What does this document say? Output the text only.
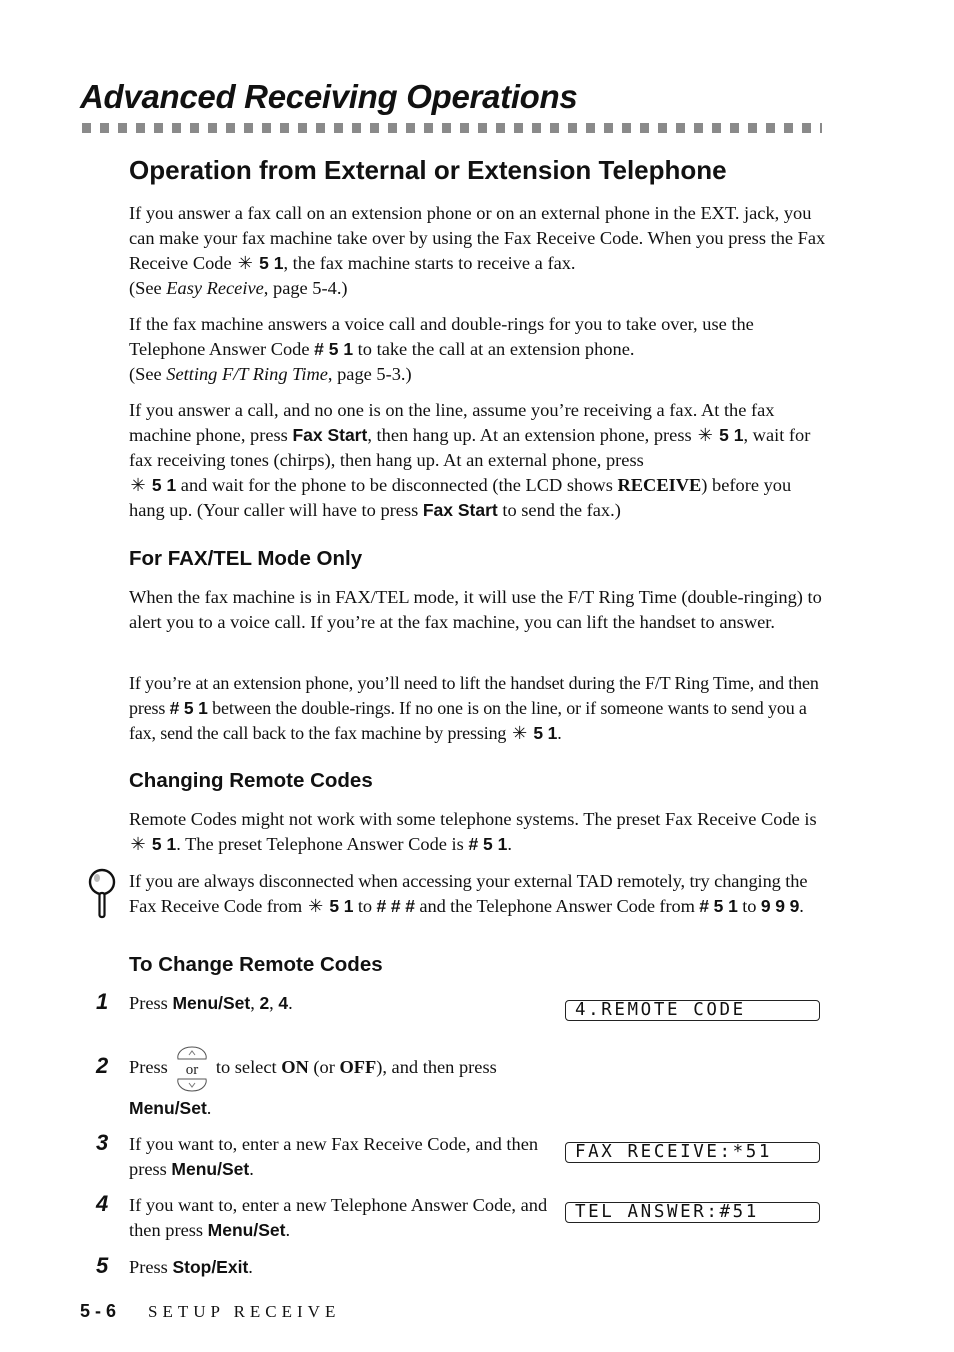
Advanced Receiving Operations
Operation from External or Extension Telephone

If you answer a fax call on an extension phone or on an external phone in the EXT. jack, you can make your fax machine take over by using the Fax Receive Code. When you press the Fax Receive Code ✳ 5 1, the fax machine starts to receive a fax.
(See Easy Receive, page 5-4.)

If the fax machine answers a voice call and double-rings for you to take over, use the Telephone Answer Code # 5 1 to take the call at an extension phone.
(See Setting F/T Ring Time, page 5-3.)

If you answer a call, and no one is on the line, assume you’re receiving a fax. At the fax machine phone, press Fax Start, then hang up. At an extension phone, press ✳ 5 1, wait for fax receiving tones (chirps), then hang up. At an external phone, press
✳ 5 1 and wait for the phone to be disconnected (the LCD shows RECEIVE) before you hang up. (Your caller will have to press Fax Start to send the fax.)

For FAX/TEL Mode Only

When the fax machine is in FAX/TEL mode, it will use the F/T Ring Time (double-ringing) to alert you to a voice call. If you’re at the fax machine, you can lift the handset to answer.

If you’re at an extension phone, you’ll need to lift the handset during the F/T Ring Time, and then press # 5 1 between the double-rings. If no one is on the line, or if someone wants to send you a fax, send the call back to the fax machine by pressing ✳ 5 1.

Changing Remote Codes

Remote Codes might not work with some telephone systems. The preset Fax Receive Code is ✳ 5 1. The preset Telephone Answer Code is # 5 1.

If you are always disconnected when accessing your external TAD remotely, try changing the Fax Receive Code from ✳ 5 1 to # # # and the Telephone Answer Code from # 5 1 to 9 9 9.

To Change Remote Codes
1 Press Menu/Set, 2, 4.	4.REMOTE CODE
2 Press or to select ON (or OFF), and then press

Menu/Set.

3 If you want to, enter a new Fax Receive Code, and then press Menu/Set.

FAX RECEIVE:*51
4 If you want to, enter a new Telephone Answer Code, and then press Menu/Set.

TEL ANSWER:#51
5 Press Stop/Exit.

5 - 6 SETUP RECEIVE
